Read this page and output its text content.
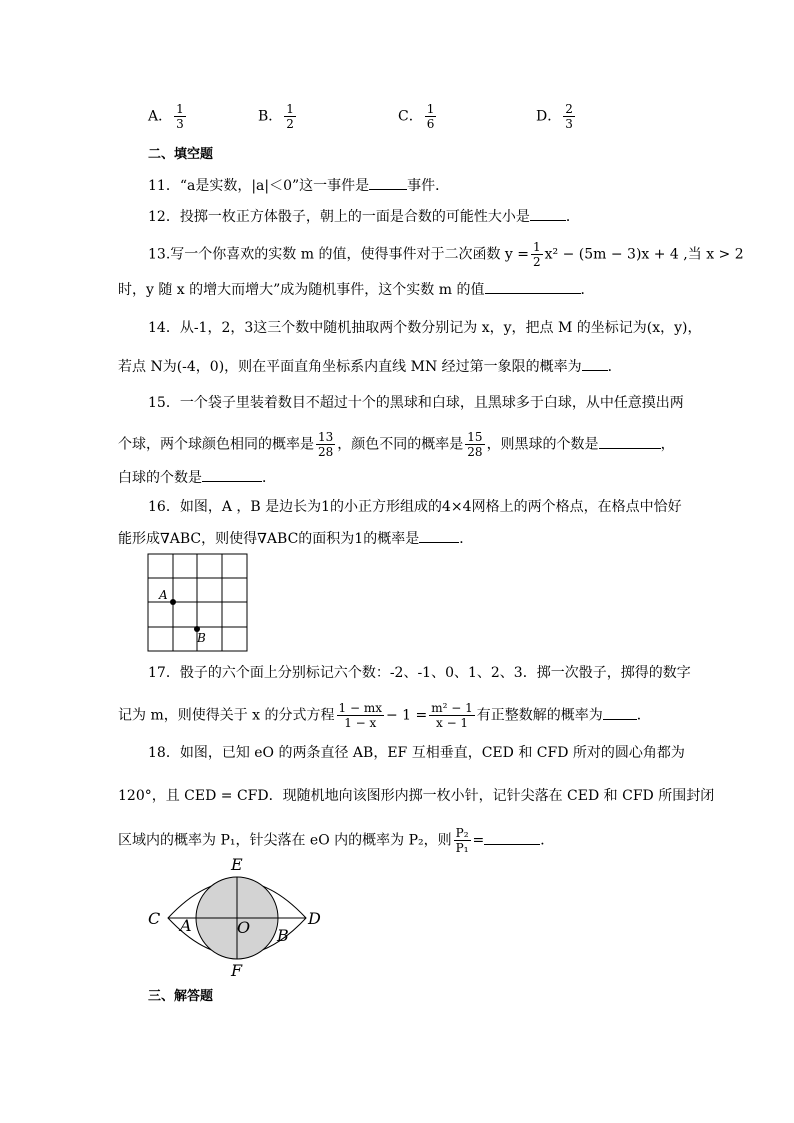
A． $\frac{1}{3}$	B． $\frac{1}{2}$	C． $\frac{1}{6}$	D． $\frac{2}{3}$
二、填空题
11．“a是实数，|a|＜0”这一事件是	事件．
12．投掷一枚正方体骰子，朝上的一面是合数的可能性大小是	．
13.写一个你喜欢的实数 m 的值，使得事件对于二次函数 $y = \frac{1}{2} x^2 - (5m - 3)x + 4$ ,当 x > 2
时，y 随 x 的增大而增大”成为随机事件，这个实数 m 的值	．
14．从-1，2，3这三个数中随机抽取两个数分别记为 x，y，把点 M 的坐标记为(x，y)，
若点 N为(-4，0)，则在平面直角坐标系内直线 MN 经过第一象限的概率为 ．
15．一个袋子里装着数目不超过十个的黑球和白球，且黑球多于白球，从中任意摸出两
个球，两个球颜色相同的概率是 $\frac{13}{28}$ ，颜色不同的概率是 $\frac{15}{28}$ ，则黑球的个数是	，
白球的个数是	．
16．如图，A ，B 是边长为1的小正方形组成的4×4网格上的两个格点，在格点中恰好
能形成∇ABC，则使得∇ABC的面积为1的概率是	．
A
B
17．骰子的六个面上分别标记六个数：-2、-1、0、1、2、3．掷一次骰子，掷得的数字
记为 m，则使得关于 x 的分式方程 $\frac{1 - mx}{1 - x} - 1 = \frac{\text{m² − 1}}{x - 1}$ 有正整数解的概率为 ．
18．如图，已知 eO 的两条直径 AB，EF 互相垂直，CED 和 CFD 所对的圆心角都为
120°，且 CED = CFD．现随机地向该图形内掷一枚小针，记针尖落在 CED 和 CFD 所围封闭
区域内的概率为 P₁，针尖落在 eO 内的概率为 P₂，则 $\frac{\text{P₂}}{\text{P₁}}$ =	．
E
F
C	D
A
B
O
三、解答题
